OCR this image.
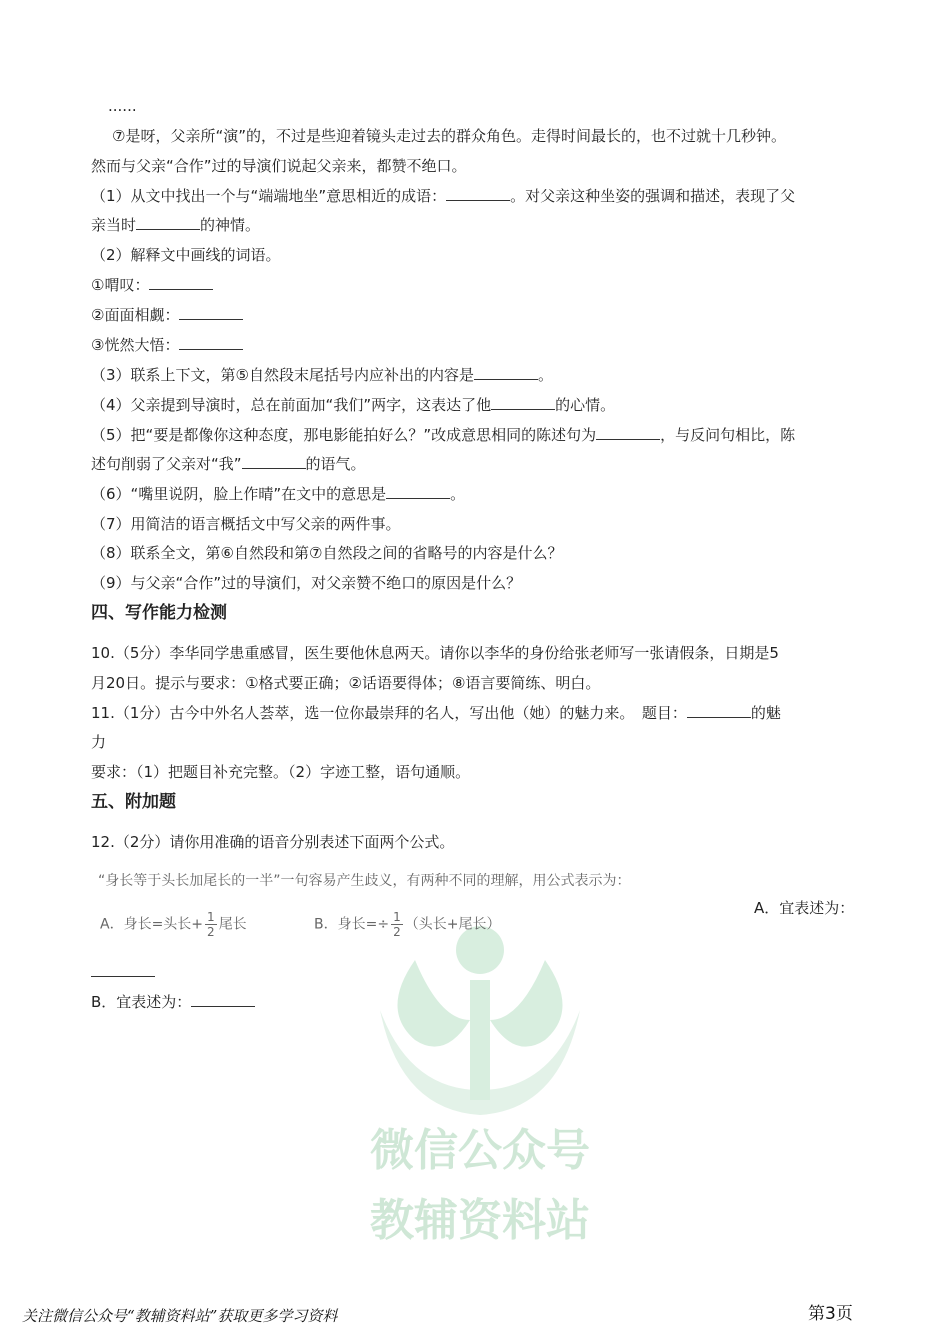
微信公众号
教辅资料站
......
⑦是呀，父亲所“演”的，不过是些迎着镜头走过去的群众角色。走得时间最长的，也不过就十几秒钟。
然而与父亲“合作”过的导演们说起父亲来，都赞不绝口。
（1）从文中找出一个与“端端地坐”意思相近的成语：	。对父亲这种坐姿的强调和描述，表现了父
亲当时	的神情。
（2）解释文中画线的词语。
①喟叹：
②面面相觑：
③恍然大悟：
（3）联系上下文，第⑤自然段末尾括号内应补出的内容是	。
（4）父亲提到导演时，总在前面加“我们”两字，这表达了他	的心情。
（5）把“要是都像你这种态度，那电影能拍好么？”改成意思相同的陈述句为	，与反问句相比，陈
述句削弱了父亲对“我”	的语气。
（6）“嘴里说阴，脸上作晴”在文中的意思是	。
（7）用简洁的语言概括文中写父亲的两件事。
（8）联系全文，第⑥自然段和第⑦自然段之间的省略号的内容是什么？
（9）与父亲“合作”过的导演们，对父亲赞不绝口的原因是什么？
四、写作能力检测
10.（5分）李华同学患重感冒，医生要他休息两天。请你以李华的身份给张老师写一张请假条，日期是5
月20日。提示与要求：①格式要正确；②话语要得体；⑧语言要简练、明白。
11.（1分）古今中外名人荟萃，选一位你最崇拜的名人，写出他（她）的魅力来。　题目：	的魅
力
要求：（1）把题目补充完整。（2）字迹工整，语句通顺。
五、附加题
12.（2分）请你用准确的语音分别表述下面两个公式。
“身长等于头长加尾长的一半”一句容易产生歧义，有两种不同的理解，用公式表示为：
A．身长=头长+ $\frac{1}{2}$ 尾长	B．身长=÷ $\frac{1}{2}$ （头长+尾长）
A．宜表述为：
B．宜表述为：
关注微信公众号“教辅资料站”获取更多学习资料	第3页
